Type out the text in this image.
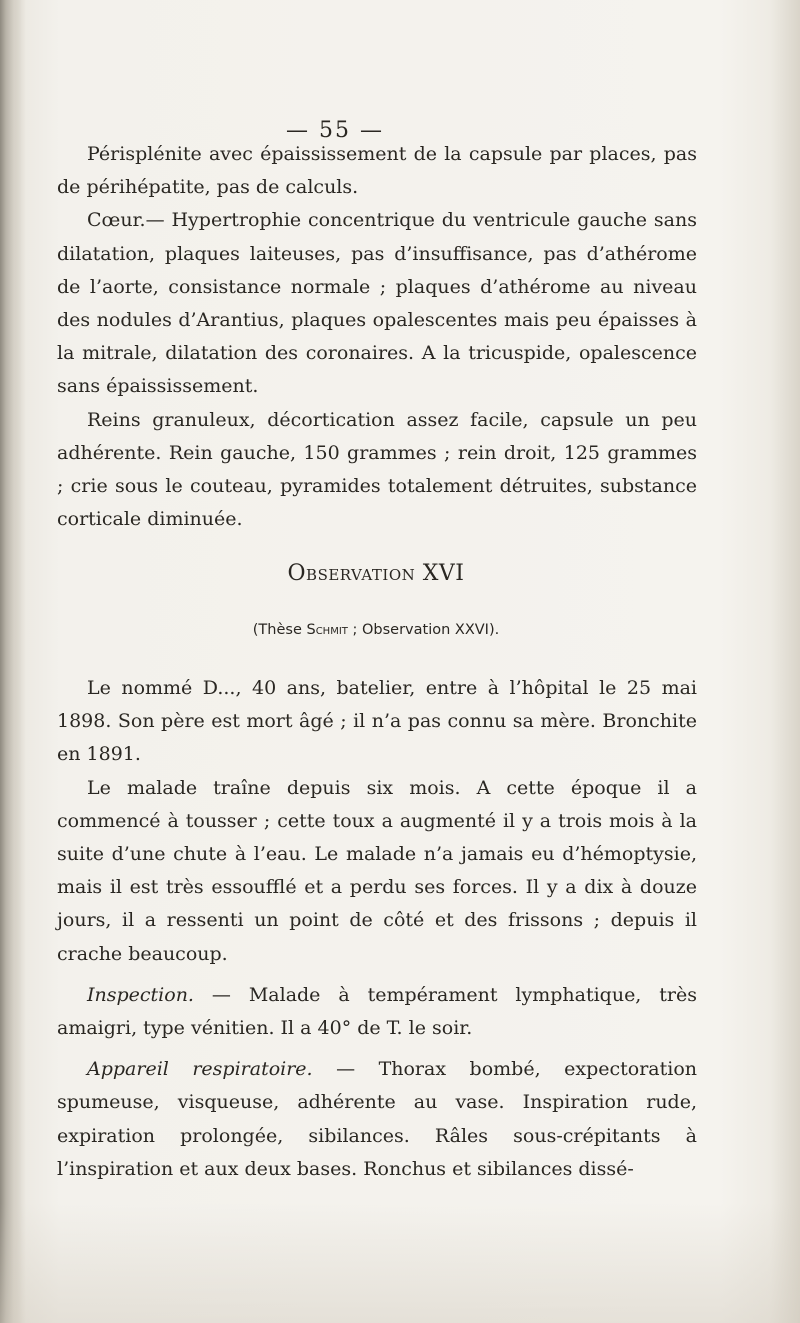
— 55 —

Périsplénite avec épaississement de la capsule par places, pas de périhépatite, pas de calculs.

Cœur.— Hypertrophie concentrique du ventricule gauche sans dilatation, plaques laiteuses, pas d’insuffisance, pas d’athérome de l’aorte, consistance normale ; plaques d’athérome au niveau des nodules d’Arantius, plaques opalescentes mais peu épaisses à la mitrale, dilatation des coronaires. A la tricuspide, opalescence sans épaississement.

Reins granuleux, décortication assez facile, capsule un peu adhérente. Rein gauche, 150 grammes ; rein droit, 125 grammes ; crie sous le couteau, pyramides totalement détruites, substance corticale diminuée.

Observation XVI
(Thèse Schmit ; Observation XXVI).

Le nommé D..., 40 ans, batelier, entre à l’hôpital le 25 mai 1898. Son père est mort âgé ; il n’a pas connu sa mère. Bronchite en 1891.

Le malade traîne depuis six mois. A cette époque il a commencé à tousser ; cette toux a augmenté il y a trois mois à la suite d’une chute à l’eau. Le malade n’a jamais eu d’hémoptysie, mais il est très essoufflé et a perdu ses forces. Il y a dix à douze jours, il a ressenti un point de côté et des frissons ; depuis il crache beaucoup.

Inspection. — Malade à tempérament lymphatique, très amaigri, type vénitien. Il a 40° de T. le soir.

Appareil respiratoire. — Thorax bombé, expectoration spumeuse, visqueuse, adhérente au vase. Inspiration rude, expiration prolongée, sibilances. Râles sous-crépitants à l’inspiration et aux deux bases. Ronchus et sibilances dissé-
